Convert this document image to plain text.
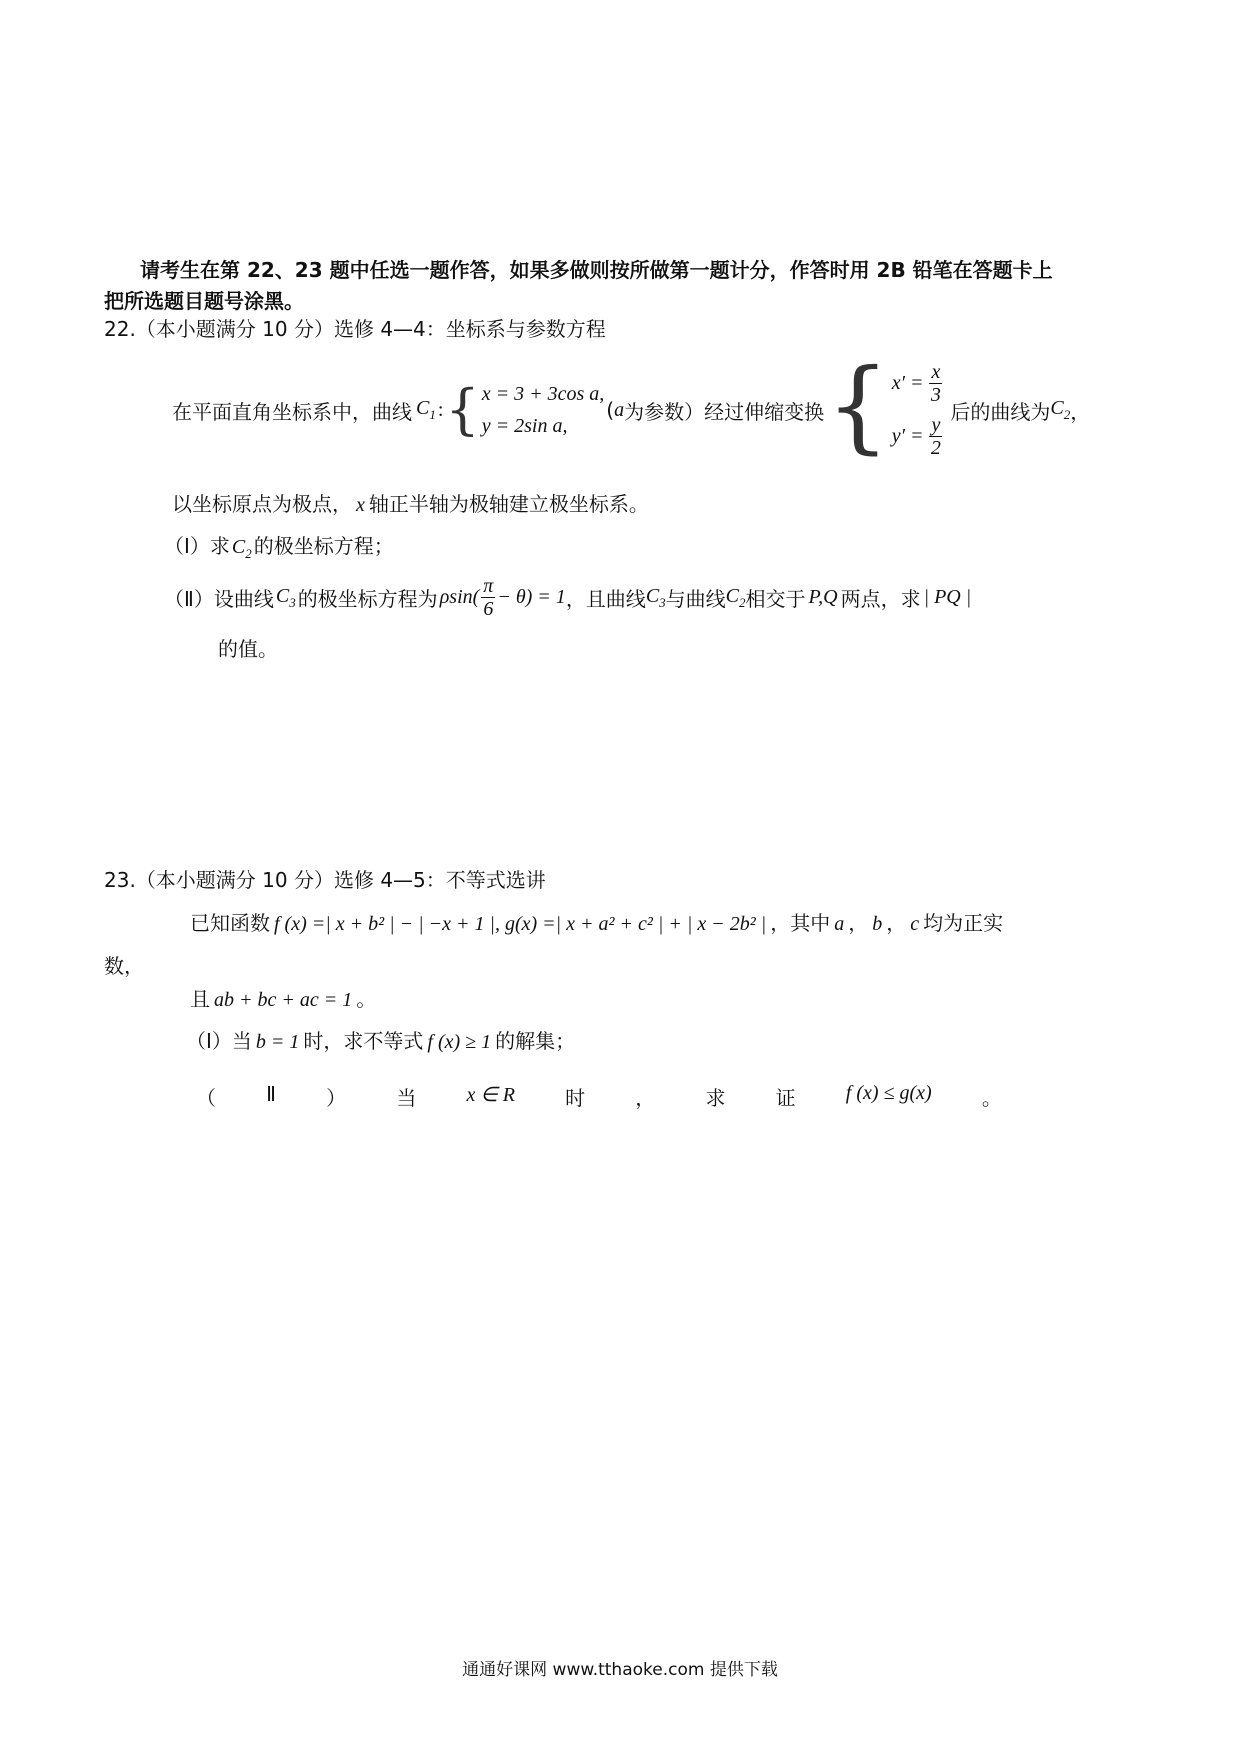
请考生在第 22、23 题中任选一题作答，如果多做则按所做第一题计分，作答时用 2B 铅笔在答题卡上
把所选题目题号涂黑。
22.（本小题满分 10 分）选修 4—4：坐标系与参数方程
在平面直角坐标系中，曲线 $C_1$ : { x = 3 + 3cos a,
y = 2sin a,
( a 为参数）经过伸缩变换 { $x' = \frac{x}{3}$
$y' = \frac{y}{2}$
后的曲线为 $C_2$ ，
以坐标原点为极点， x 轴正半轴为极轴建立极坐标系。
（Ⅰ）求 $C_2$ 的极坐标方程；
（Ⅱ）设曲线 $C_3$ 的极坐标方程为 $\rho\sin( \frac{\pi}{6} - \theta) = 1$ ，且曲线 $C_3$ 与曲线 $C_2$ 相交于 P,Q 两点，求 | PQ |
的值。
23.（本小题满分 10 分）选修 4—5：不等式选讲
已知函数 f (x) =| x + b² | − | −x + 1 |, g(x) =| x + a² + c² | + | x − 2b² | ，其中 a ， b ， c 均为正实
数，
且 ab + bc + ac = 1 。
（Ⅰ）当 b = 1 时，求不等式 f (x) ≥ 1 的解集；
（	Ⅱ	）	当	x ∈ R	时	，	求	证	f (x) ≤ g(x)	。
通通好课网 www.tthaoke.com 提供下载
